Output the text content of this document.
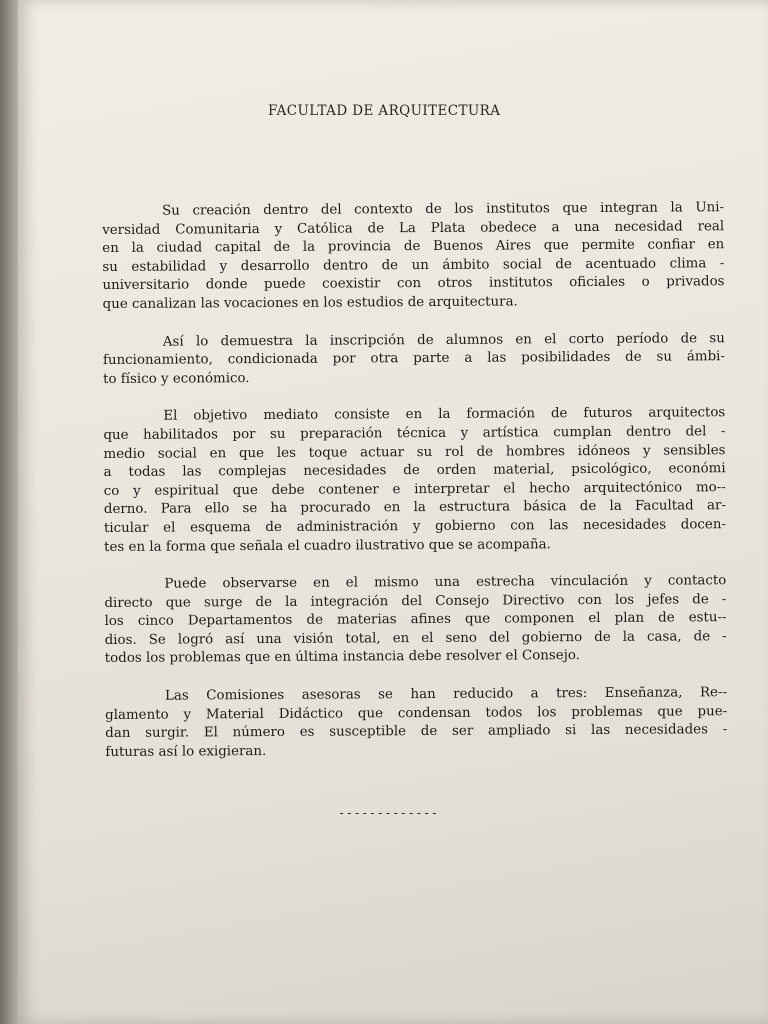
FACULTAD DE ARQUITECTURA

Su creación dentro del contexto de los institutos que integran la Uni-
versidad Comunitaria y Católica de La Plata obedece a una necesidad real
en la ciudad capital de la provincia de Buenos Aires que permite confiar en
su estabilidad y desarrollo dentro de un ámbito social de acentuado clima -
universitario donde puede coexistir con otros institutos oficiales o privados
que canalizan las vocaciones en los estudios de arquitectura.

Así lo demuestra la inscripción de alumnos en el corto período de su
funcionamiento, condicionada por otra parte a las posibilidades de su ámbi-
to físico y económico.

El objetivo mediato consiste en la formación de futuros arquitectos
que habilitados por su preparación técnica y artística cumplan dentro del -
medio social en que les toque actuar su rol de hombres idóneos y sensibles
a todas las complejas necesidades de orden material, psicológico, económi
co y espiritual que debe contener e interpretar el hecho arquitectónico mo--
derno. Para ello se ha procurado en la estructura básica de la Facultad ar-
ticular el esquema de administración y gobierno con las necesidades docen-
tes en la forma que señala el cuadro ilustrativo que se acompaña.

Puede observarse en el mismo una estrecha vinculación y contacto
directo que surge de la integración del Consejo Directivo con los jefes de -
los cinco Departamentos de materias afines que componen el plan de estu--
dios. Se logró así una visión total, en el seno del gobierno de la casa, de -
todos los problemas que en última instancia debe resolver el Consejo.

Las Comisiones asesoras se han reducido a tres: Enseñanza, Re--
glamento y Material Didáctico que condensan todos los problemas que pue-
dan surgir. El número es susceptible de ser ampliado si las necesidades -
futuras así lo exigieran.

-------------
